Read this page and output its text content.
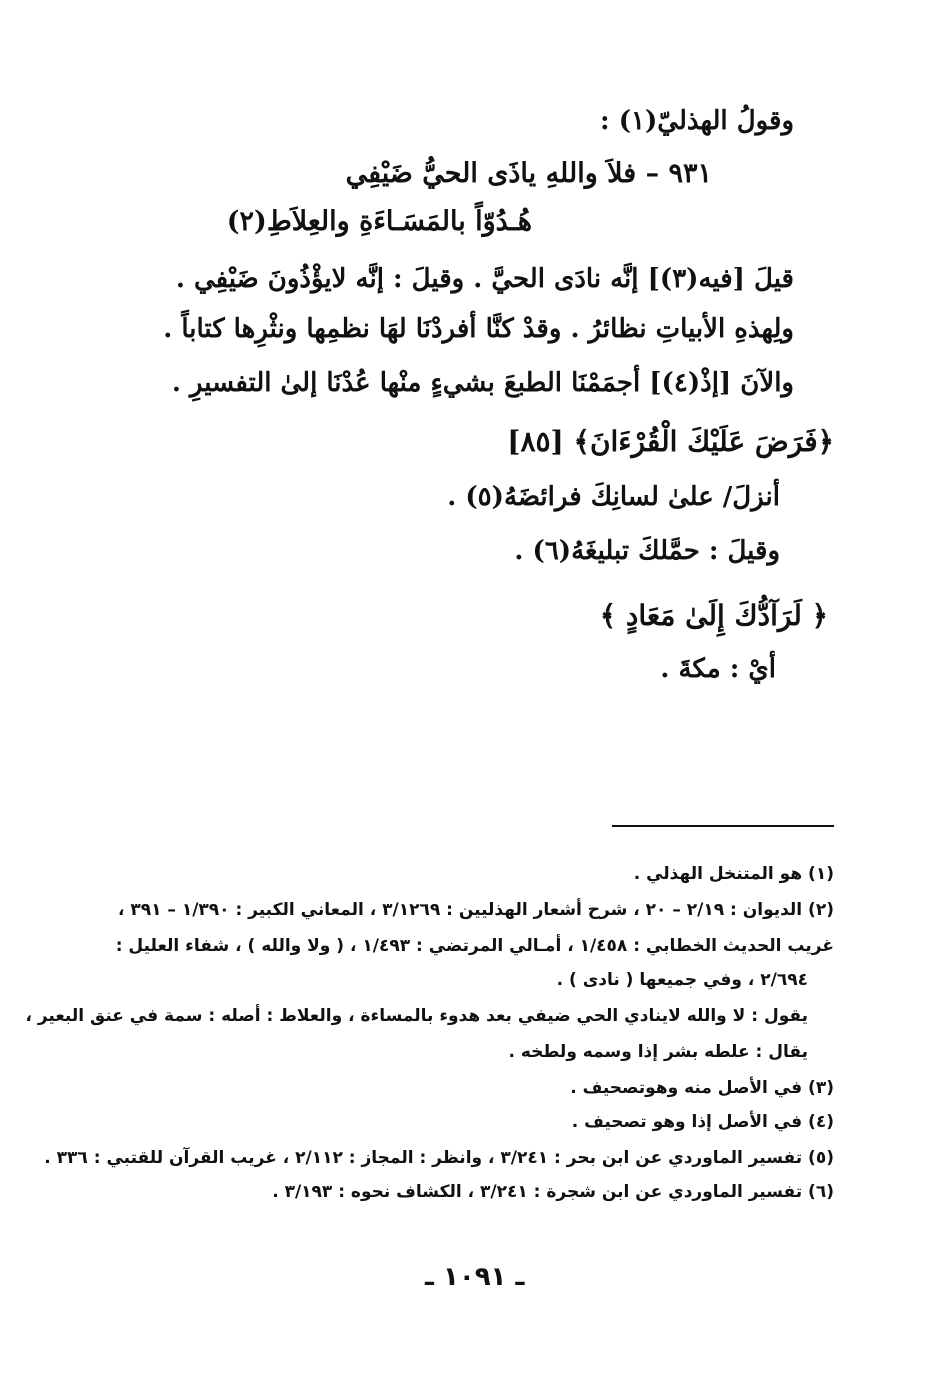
وقولُ الهذليّ(١) :
٩٣١ – فلاَ واللهِ ياذَى الحيُّ ضَيْفِي
هُـدُوّاً بالمَسَـاءَةِ والعِلاَطِ(٢)
قيلَ [فيه(٣)] إنَّه نادَى الحيَّ . وقيلَ : إنَّه لايؤْذُونَ ضَيْفِي .
ولِهذهِ الأبياتِ نظائرُ . وقدْ كنَّا أفردْنَا لهَا نظمِها ونثْرِها كتاباً .
والآنَ [إذْ(٤)] أجمَمْنَا الطبعَ بشيءٍ منْها عُدْنَا إلىٰ التفسيرِ .
﴿فَرَضَ عَلَيْكَ الْقُرْءَانَ﴾ [٨٥]
أنزلَ/ علىٰ لسانِكَ فرائضَهُ(٥) .
وقيلَ : حمَّلكَ تبليغَهُ(٦) .
﴿ لَرَآدُّكَ إِلَىٰ مَعَادٍ ﴾
أيْ : مكةَ .
(١) هو المتنخل الهذلي .
(٢) الديوان : ٢/١٩ – ٢٠ ، شرح أشعار الهذليين : ٣/١٢٦٩ ، المعاني الكبير : ١/٣٩٠ – ٣٩١ ،
غريب الحديث الخطابي : ١/٤٥٨ ، أمـالي المرتضي : ١/٤٩٣ ، ( ولا والله ) ، شفاء العليل :
٢/٦٩٤ ، وفي جميعها ( نادى ) .
يقول : لا والله لاينادي الحي ضيفي بعد هدوء بالمساءة ، والعلاط : أصله : سمة في عنق البعير ،
يقال : علطه بشر إذا وسمه ولطخه .
(٣) في الأصل منه وهوتصحيف .
(٤) في الأصل إذا وهو تصحيف .
(٥) تفسير الماوردي عن ابن بحر : ٣/٢٤١ ، وانظر : المجاز : ٢/١١٢ ، غريب القرآن للقتبي : ٣٣٦ .
(٦) تفسير الماوردي عن ابن شجرة : ٣/٢٤١ ، الكشاف نحوه : ٣/١٩٣ .
ـ ١٠٩١ ـ
